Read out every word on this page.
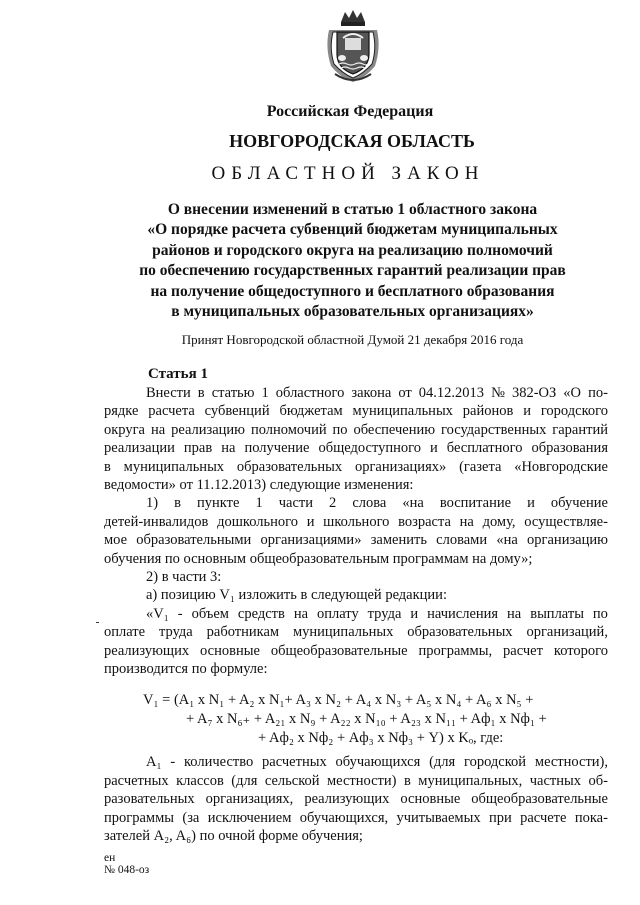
Российская Федерация
НОВГОРОДСКАЯ ОБЛАСТЬ
ОБЛАСТНОЙ ЗАКОН
О внесении изменений в статью 1 областного закона
«О порядке расчета субвенций бюджетам муниципальных
районов и городского округа на реализацию полномочий
по обеспечению государственных гарантий реализации прав
на получение общедоступного и бесплатного образования
в муниципальных образовательных организациях»
Принят Новгородской областной Думой 21 декабря 2016 года
Статья 1
Внести в статью 1 областного закона от 04.12.2013 № 382-ОЗ «О по-
рядке расчета субвенций бюджетам муниципальных районов и городского
округа на реализацию полномочий по обеспечению государственных гарантий
реализации прав на получение общедоступного и бесплатного образования
в муниципальных образовательных организациях» (газета «Новгородские
ведомости» от 11.12.2013) следующие изменения:
1) в пункте 1 части 2 слова «на воспитание и обучение
детей-инвалидов дошкольного и школьного возраста на дому, осуществляе-
мое образовательными организациями» заменить словами «на организацию
обучения по основным общеобразовательным программам на дому»;
2) в части 3:
а) позицию V₁ изложить в следующей редакции:
«V₁ - объем средств на оплату труда и начисления на выплаты по
оплате труда работникам муниципальных образовательных организаций,
реализующих основные общеобразовательные программы, расчет которого
производится по формуле:
V₁ = (A₁ x N₁ + A₂ x N₁+ A₃ x N₂ + A₄ x N₃ + A₅ x N₄ + A₆ x N₅ +
+ A₇ x N₆₊ + A₂₁ x N₉ + A₂₂ x N₁₀ + A₂₃ x N₁₁ + Aф₁ x Nф₁ +
+ Aф₂ x Nф₂ + Aф₃ x Nф₃ + Y) x Kₒ, где:
A₁ - количество расчетных обучающихся (для городской местности),
расчетных классов (для сельской местности) в муниципальных, частных об-
разовательных организациях, реализующих основные общеобразовательные
программы (за исключением обучающихся, учитываемых при расчете пока-
зателей A₂, A₆) по очной форме обучения;
ен
№ 048-оз
